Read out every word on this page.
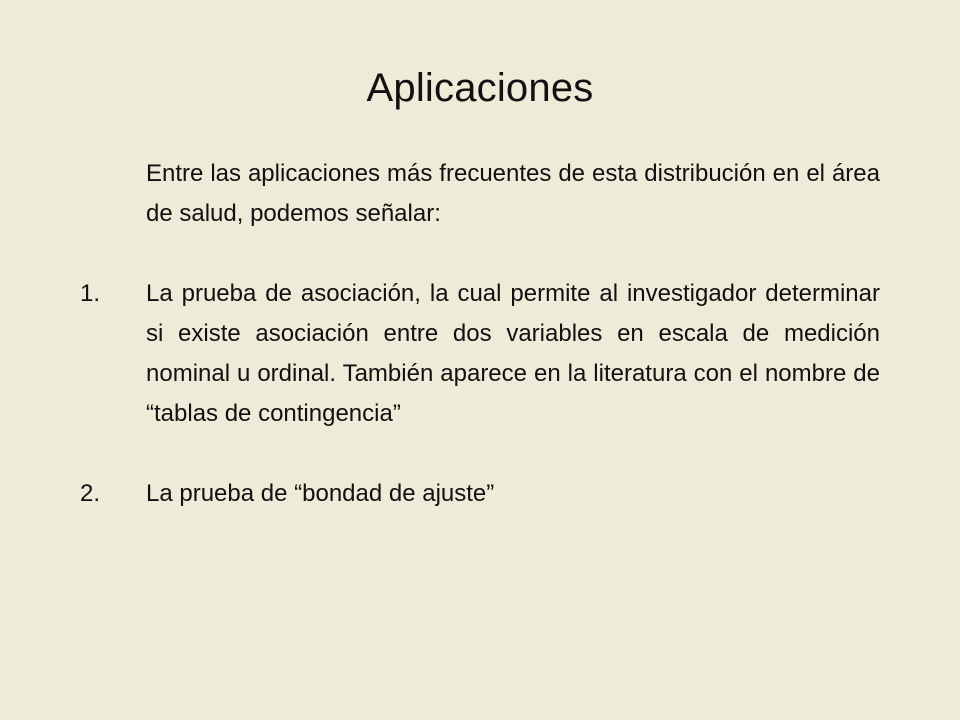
Aplicaciones

Entre las aplicaciones más frecuentes de esta distribución en el área de salud, podemos señalar:

1.	La prueba de asociación, la cual permite al investigador determinar si existe asociación entre dos variables en escala de medición nominal u ordinal. También aparece en la literatura con el nombre de “tablas de contingencia”
2.	La prueba de “bondad de ajuste”
